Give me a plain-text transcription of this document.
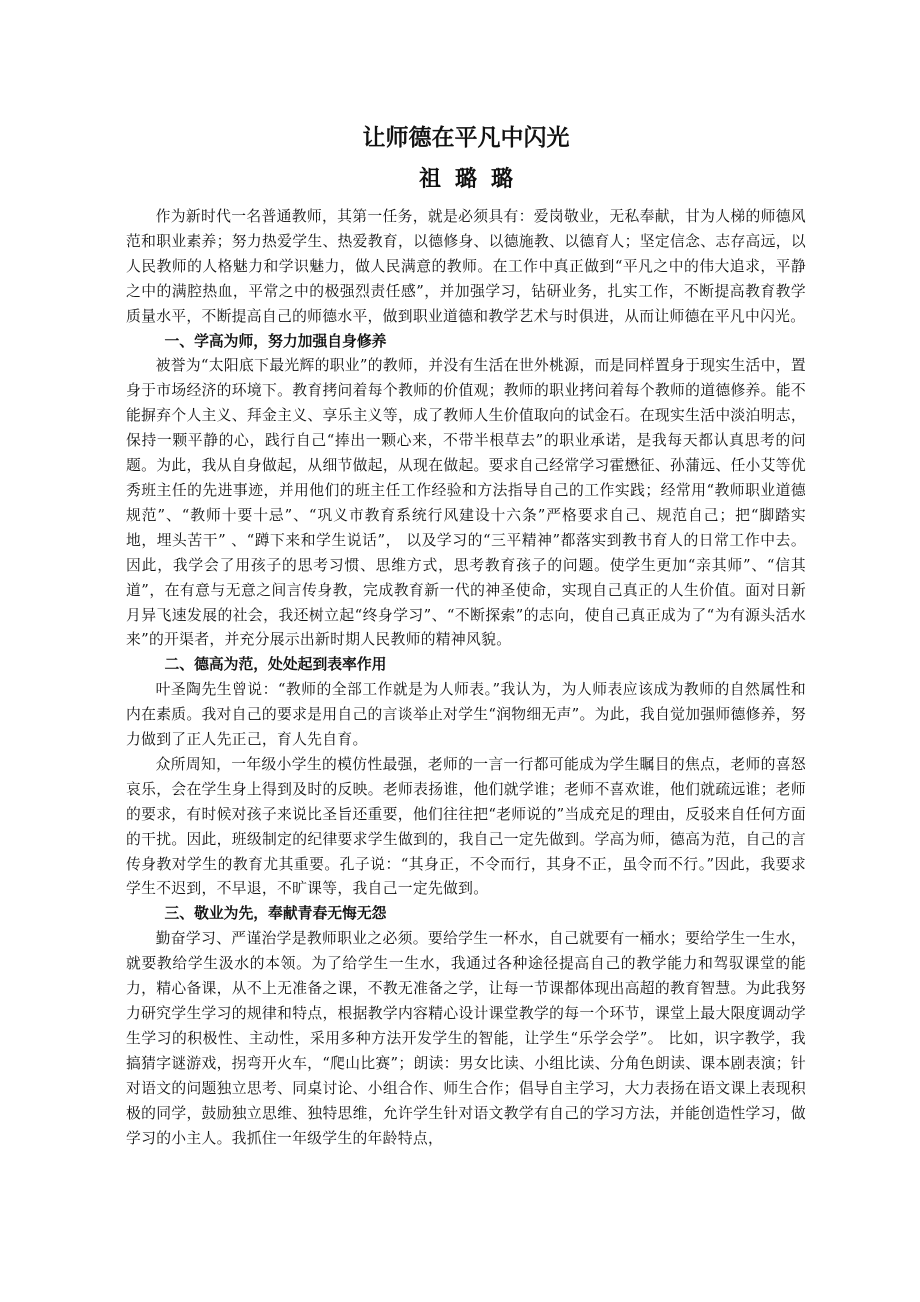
让师德在平凡中闪光
祖璐璐

作为新时代一名普通教师，其第一任务，就是必须具有：爱岗敬业，无私奉献，甘为人梯的师德风范和职业素养；努力热爱学生、热爱教育，以德修身、以德施教、以德育人；坚定信念、志存高远，以人民教师的人格魅力和学识魅力，做人民满意的教师。在工作中真正做到“平凡之中的伟大追求，平静之中的满腔热血，平常之中的极强烈责任感”，并加强学习，钻研业务，扎实工作，不断提高教育教学质量水平，不断提高自己的师德水平，做到职业道德和教学艺术与时俱进，从而让师德在平凡中闪光。

一、学高为师，努力加强自身修养

被誉为“太阳底下最光辉的职业”的教师，并没有生活在世外桃源，而是同样置身于现实生活中，置身于市场经济的环境下。教育拷问着每个教师的价值观；教师的职业拷问着每个教师的道德修养。能不能摒弃个人主义、拜金主义、享乐主义等，成了教师人生价值取向的试金石。在现实生活中淡泊明志，保持一颗平静的心，践行自己“捧出一颗心来，不带半根草去”的职业承诺，是我每天都认真思考的问题。为此，我从自身做起，从细节做起，从现在做起。要求自己经常学习霍懋征、孙蒲远、任小艾等优秀班主任的先进事迹，并用他们的班主任工作经验和方法指导自己的工作实践；经常用“教师职业道德规范”、“教师十要十忌”、“巩义市教育系统行风建设十六条”严格要求自己、规范自己；把“脚踏实地，埋头苦干” 、“蹲下来和学生说话”， 以及学习的“三平精神”都落实到教书育人的日常工作中去。因此，我学会了用孩子的思考习惯、思维方式，思考教育孩子的问题。使学生更加“亲其师”、“信其道”，在有意与无意之间言传身教，完成教育新一代的神圣使命，实现自己真正的人生价值。面对日新月异飞速发展的社会，我还树立起“终身学习”、“不断探索”的志向，使自己真正成为了“为有源头活水来”的开渠者，并充分展示出新时期人民教师的精神风貌。

二、德高为范，处处起到表率作用

叶圣陶先生曾说：“教师的全部工作就是为人师表。”我认为，为人师表应该成为教师的自然属性和内在素质。我对自己的要求是用自己的言谈举止对学生“润物细无声”。为此，我自觉加强师德修养，努力做到了正人先正己，育人先自育。

众所周知，一年级小学生的模仿性最强，老师的一言一行都可能成为学生瞩目的焦点，老师的喜怒哀乐，会在学生身上得到及时的反映。老师表扬谁，他们就学谁；老师不喜欢谁，他们就疏远谁；老师的要求，有时候对孩子来说比圣旨还重要，他们往往把“老师说的”当成充足的理由，反驳来自任何方面的干扰。因此，班级制定的纪律要求学生做到的，我自己一定先做到。学高为师，德高为范，自己的言传身教对学生的教育尤其重要。孔子说：“其身正，不令而行，其身不正，虽令而不行。”因此，我要求学生不迟到，不早退，不旷课等，我自己一定先做到。

三、敬业为先，奉献青春无悔无怨

勤奋学习、严谨治学是教师职业之必须。要给学生一杯水，自己就要有一桶水；要给学生一生水，就要教给学生汲水的本领。为了给学生一生水，我通过各种途径提高自己的教学能力和驾驭课堂的能力，精心备课，从不上无准备之课，不教无准备之学，让每一节课都体现出高超的教育智慧。为此我努力研究学生学习的规律和特点，根据教学内容精心设计课堂教学的每一个环节，课堂上最大限度调动学生学习的积极性、主动性，采用多种方法开发学生的智能，让学生“乐学会学”。 比如，识字教学，我搞猜字谜游戏，拐弯开火车，“爬山比赛”；朗读：男女比读、小组比读、分角色朗读、课本剧表演；针对语文的问题独立思考、同桌讨论、小组合作、师生合作；倡导自主学习，大力表扬在语文课上表现积极的同学，鼓励独立思维、独特思维，允许学生针对语文教学有自己的学习方法，并能创造性学习，做学习的小主人。我抓住一年级学生的年龄特点，
